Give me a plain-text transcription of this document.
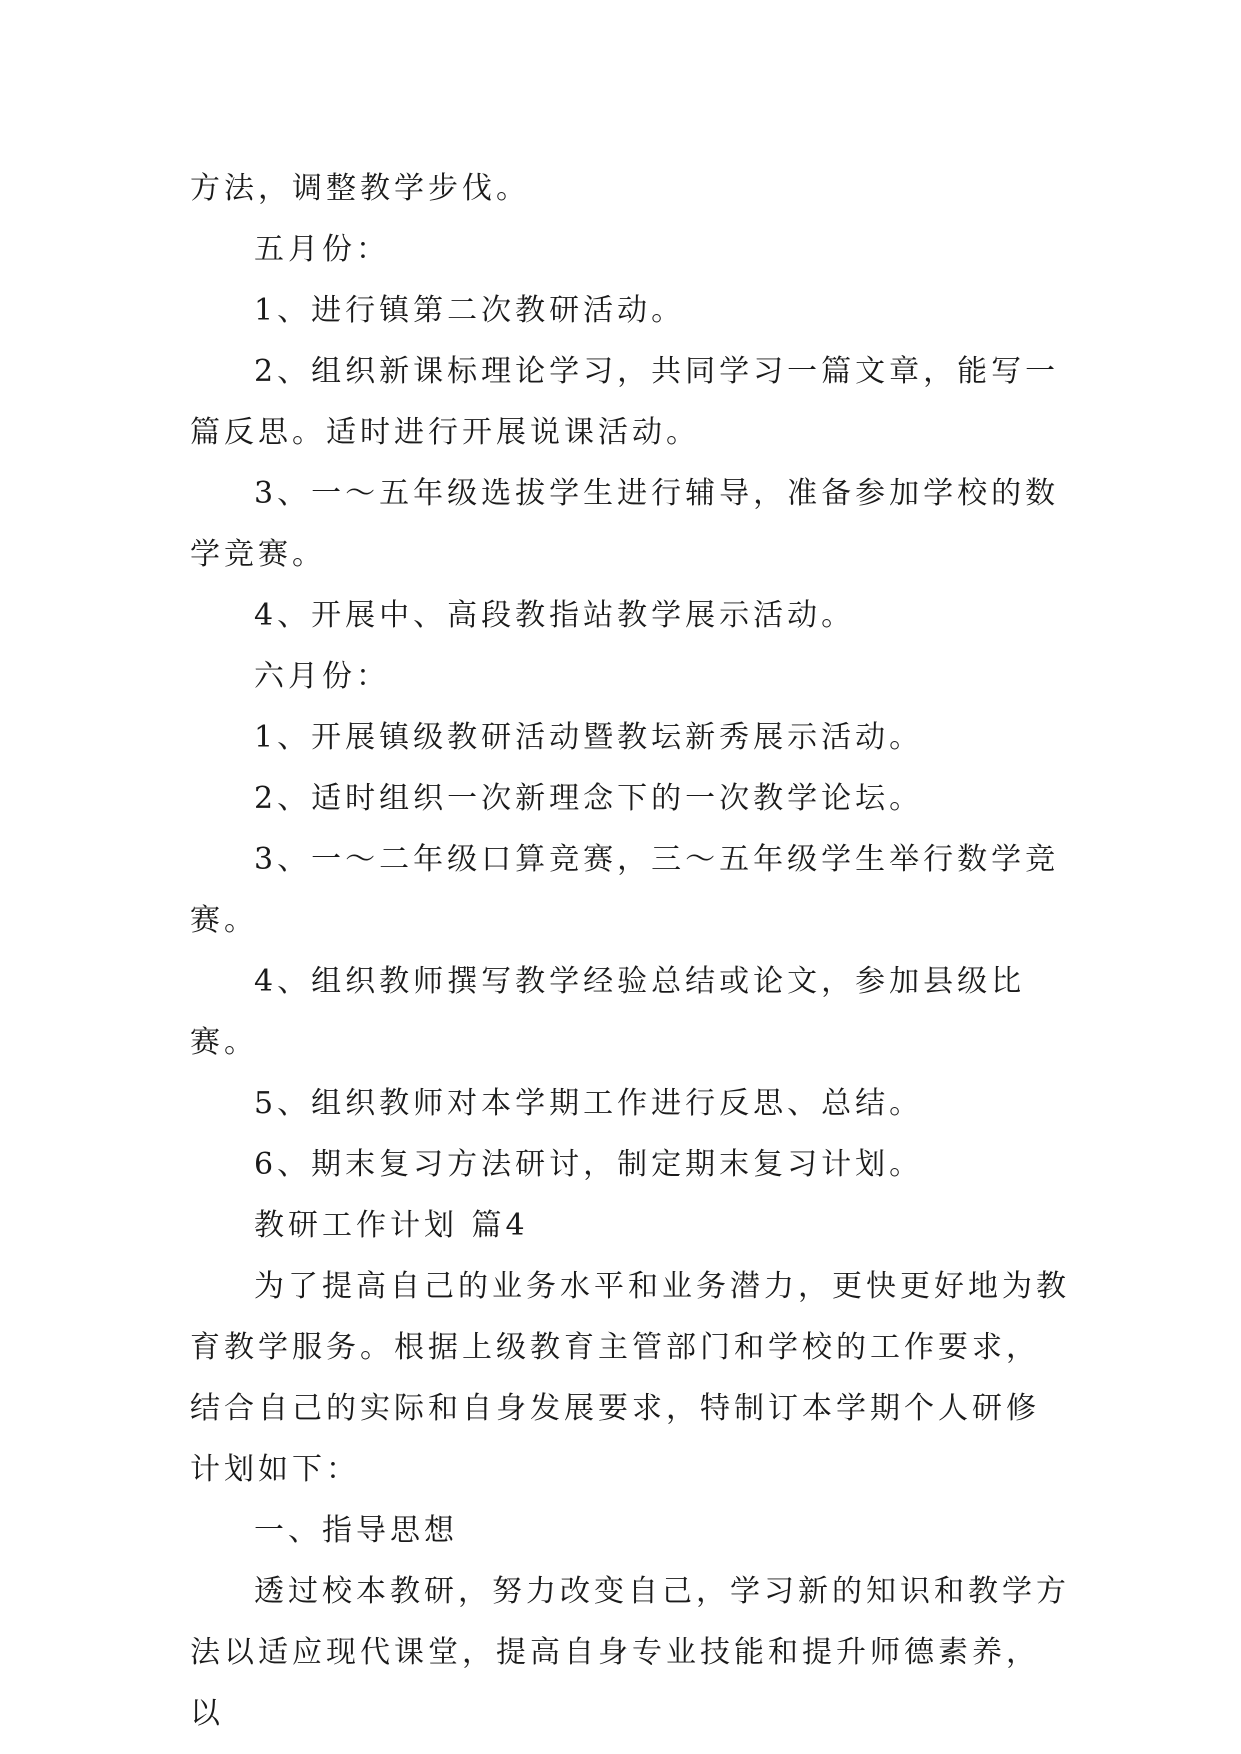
方法，调整教学步伐。

五月份：

1、进行镇第二次教研活动。

2、组织新课标理论学习，共同学习一篇文章，能写一篇反思。适时进行开展说课活动。

3、一～五年级选拔学生进行辅导，准备参加学校的数学竞赛。

4、开展中、高段教指站教学展示活动。

六月份：

1、开展镇级教研活动暨教坛新秀展示活动。

2、适时组织一次新理念下的一次教学论坛。

3、一～二年级口算竞赛，三～五年级学生举行数学竞赛。

4、组织教师撰写教学经验总结或论文，参加县级比赛。

5、组织教师对本学期工作进行反思、总结。

6、期末复习方法研讨，制定期末复习计划。

教研工作计划 篇4

为了提高自己的业务水平和业务潜力，更快更好地为教育教学服务。根据上级教育主管部门和学校的工作要求，结合自己的实际和自身发展要求，特制订本学期个人研修计划如下：

一、指导思想

透过校本教研，努力改变自己，学习新的知识和教学方法以适应现代课堂，提高自身专业技能和提升师德素养，以
